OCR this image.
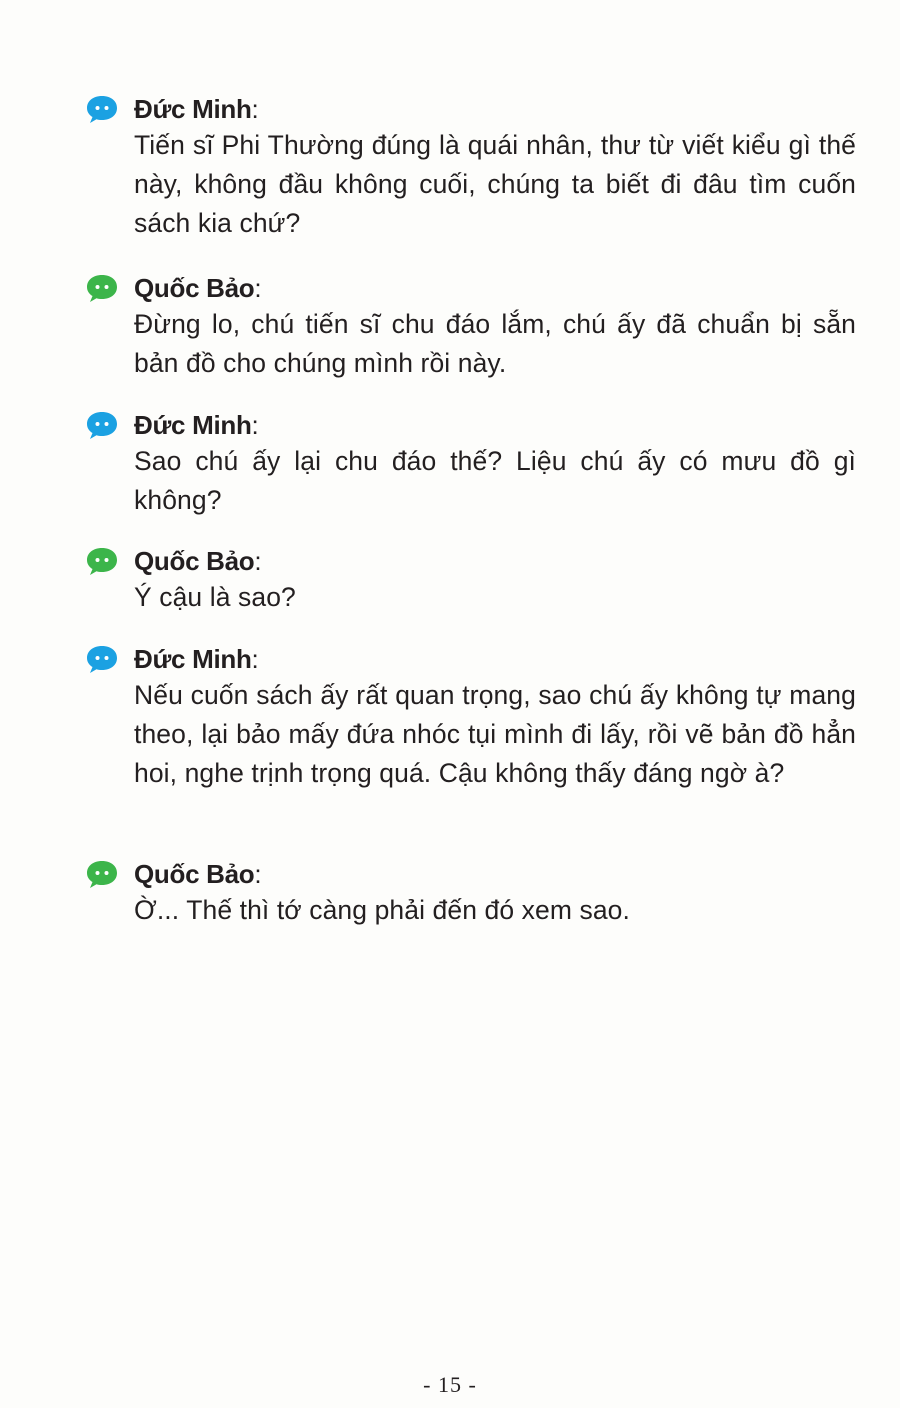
Đức Minh :

Tiến sĩ Phi Thường đúng là quái nhân, thư từ viết kiểu gì thế này, không đầu không cuối, chúng ta biết đi đâu tìm cuốn sách kia chứ?

Quốc Bảo :

Đừng lo, chú tiến sĩ chu đáo lắm, chú ấy đã chuẩn bị sẵn bản đồ cho chúng mình rồi này.

Đức Minh :

Sao chú ấy lại chu đáo thế? Liệu chú ấy có mưu đồ gì không?

Quốc Bảo :

Ý cậu là sao?

Đức Minh :

Nếu cuốn sách ấy rất quan trọng, sao chú ấy không tự mang theo, lại bảo mấy đứa nhóc tụi mình đi lấy, rồi vẽ bản đồ hẳn hoi, nghe trịnh trọng quá. Cậu không thấy đáng ngờ à?

Quốc Bảo :

Ờ... Thế thì tớ càng phải đến đó xem sao.

- 15 -
